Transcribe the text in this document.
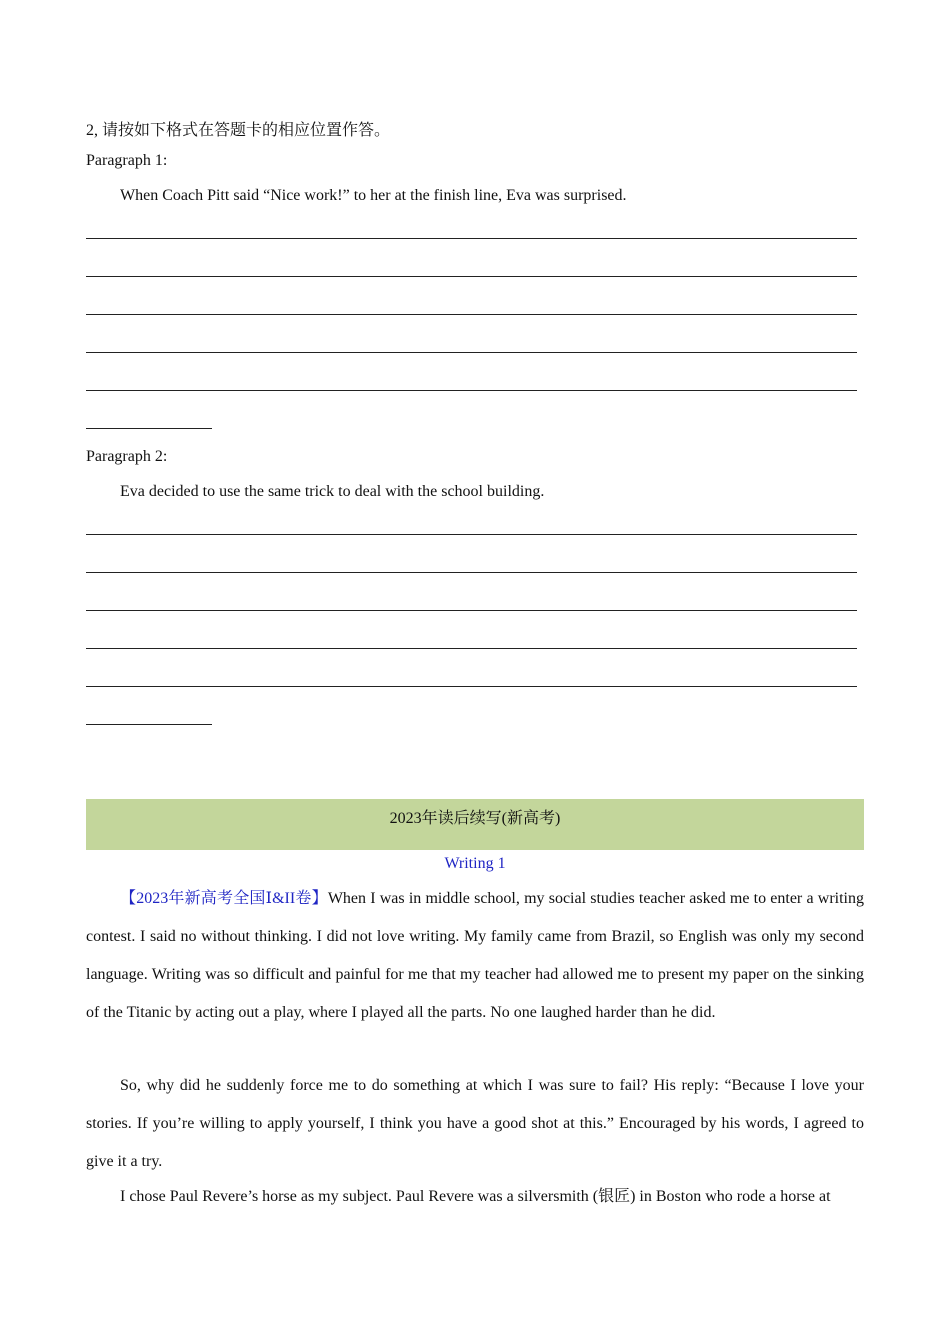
2, 请按如下格式在答题卡的相应位置作答。
Paragraph 1:
When Coach Pitt said “Nice work!” to her at the finish line, Eva was surprised.
Paragraph 2:
Eva decided to use the same trick to deal with the school building.
2023年读后续写(新高考)
Writing 1
【2023年新高考全国Ⅰ&II卷】When I was in middle school, my social studies teacher asked me to enter a writing contest. I said no without thinking. I did not love writing. My family came from Brazil, so English was only my second language. Writing was so difficult and painful for me that my teacher had allowed me to present my paper on the sinking of the Titanic by acting out a play, where I played all the parts. No one laughed harder than he did.
So, why did he suddenly force me to do something at which I was sure to fail? His reply: “Because I love your stories. If you’re willing to apply yourself, I think you have a good shot at this.” Encouraged by his words, I agreed to give it a try.
I chose Paul Revere’s horse as my subject. Paul Revere was a silversmith (银匠) in Boston who rode a horse at
